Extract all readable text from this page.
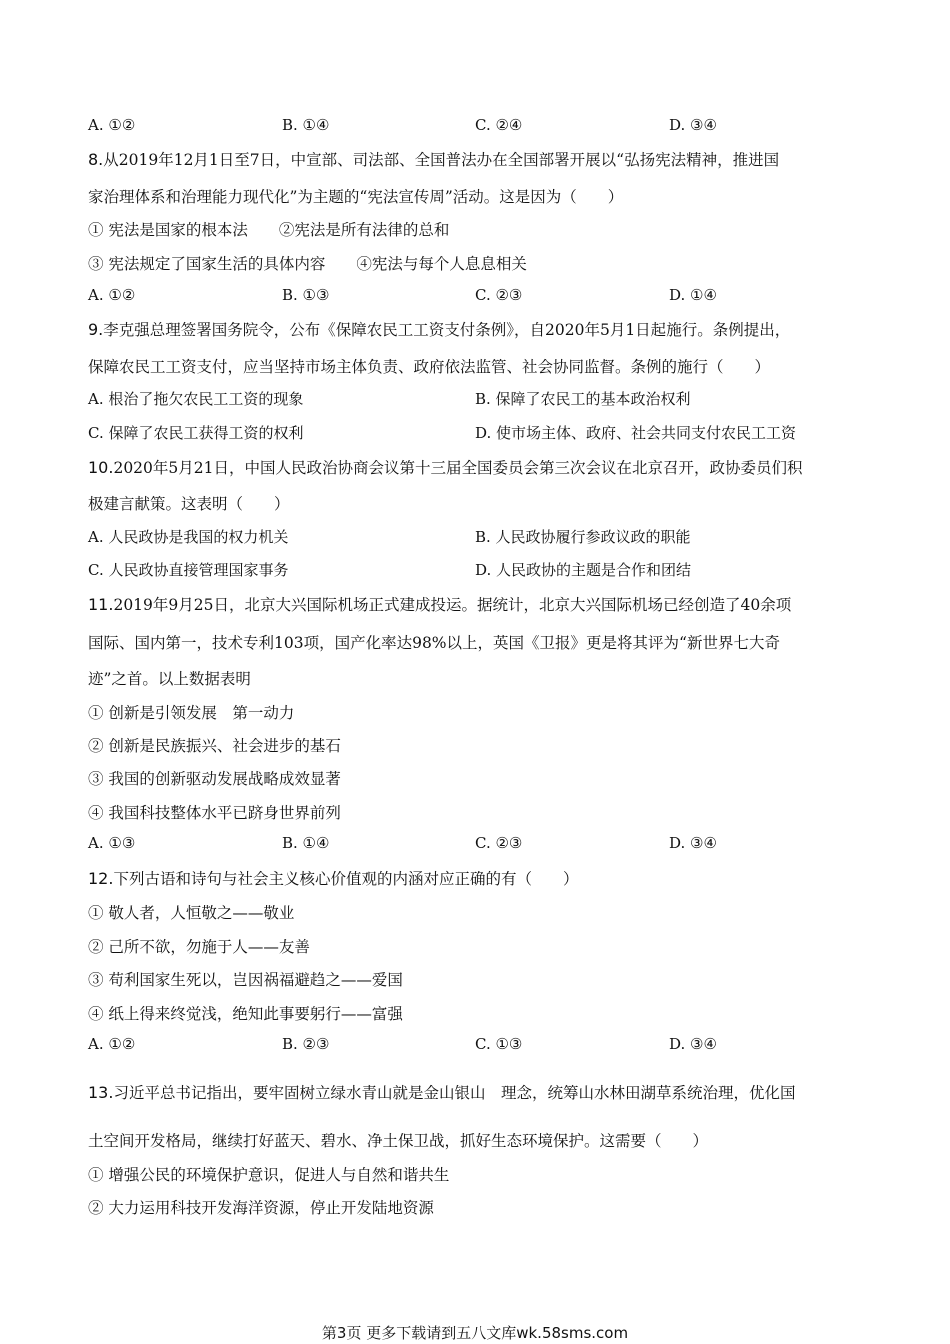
A. ①②	B. ①④	C. ②④	D. ③④
8.从2019年12月1日至7日，中宣部、司法部、全国普法办在全国部署开展以“弘扬宪法精神，推进国
家治理体系和治理能力现代化”为主题的“宪法宣传周”活动。这是因为（　　）
① 宪法是国家的根本法　　②宪法是所有法律的总和
③ 宪法规定了国家生活的具体内容　　④宪法与每个人息息相关
A. ①②	B. ①③	C. ②③	D. ①④
9.李克强总理签署国务院令，公布《保障农民工工资支付条例》，自2020年5月1日起施行。条例提出，
保障农民工工资支付，应当坚持市场主体负责、政府依法监管、社会协同监督。条例的施行（　　）
A. 根治了拖欠农民工工资的现象	B. 保障了农民工的基本政治权利
C. 保障了农民工获得工资的权利	D. 使市场主体、政府、社会共同支付农民工工资
10.2020年5月21日，中国人民政治协商会议第十三届全国委员会第三次会议在北京召开，政协委员们积
极建言献策。这表明（　　）
A. 人民政协是我国的权力机关	B. 人民政协履行参政议政的职能
C. 人民政协直接管理国家事务	D. 人民政协的主题是合作和团结
11.2019年9月25日，北京大兴国际机场正式建成投运。据统计，北京大兴国际机场已经创造了40余项
国际、国内第一，技术专利103项，国产化率达98%以上，英国《卫报》更是将其评为“新世界七大奇
迹”之首。以上数据表明
① 创新是引领发展　第一动力
② 创新是民族振兴、社会进步的基石
③ 我国的创新驱动发展战略成效显著
④ 我国科技整体水平已跻身世界前列
A. ①③	B. ①④	C. ②③	D. ③④
12.下列古语和诗句与社会主义核心价值观的内涵对应正确的有（　　）
① 敬人者，人恒敬之——敬业
② 己所不欲，勿施于人——友善
③ 苟利国家生死以，岂因祸福避趋之——爱国
④ 纸上得来终觉浅，绝知此事要躬行——富强
A. ①②	B. ②③	C. ①③	D. ③④
13.习近平总书记指出，要牢固树立绿水青山就是金山银山　理念，统筹山水林田湖草系统治理，优化国
土空间开发格局，继续打好蓝天、碧水、净土保卫战，抓好生态环境保护。这需要（　　）
① 增强公民的环境保护意识，促进人与自然和谐共生
② 大力运用科技开发海洋资源，停止开发陆地资源
第3页 更多下载请到五八文库wk.58sms.com
